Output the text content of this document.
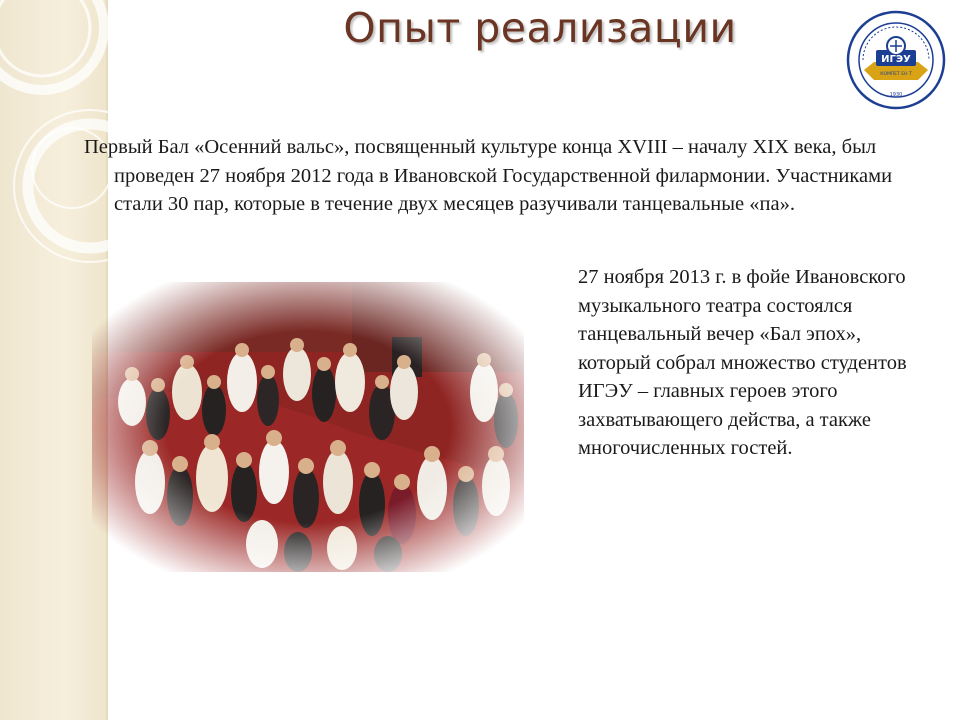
Опыт реализации
ИГЭУ
КОМПЕТ ЕН Т
1930

Первый Бал «Осенний вальс», посвященный культуре конца XVIII – началу XIX века, был проведен 27 ноября 2012 года в Ивановской Государственной филармонии. Участниками стали 30 пар, которые в течение двух месяцев разучивали танцевальные «па».

27 ноября 2013 г. в фойе Ивановского музыкального театра состоялся танцевальный вечер «Бал эпох», который собрал множество студентов ИГЭУ – главных героев этого захватывающего действа, а также многочисленных гостей.
